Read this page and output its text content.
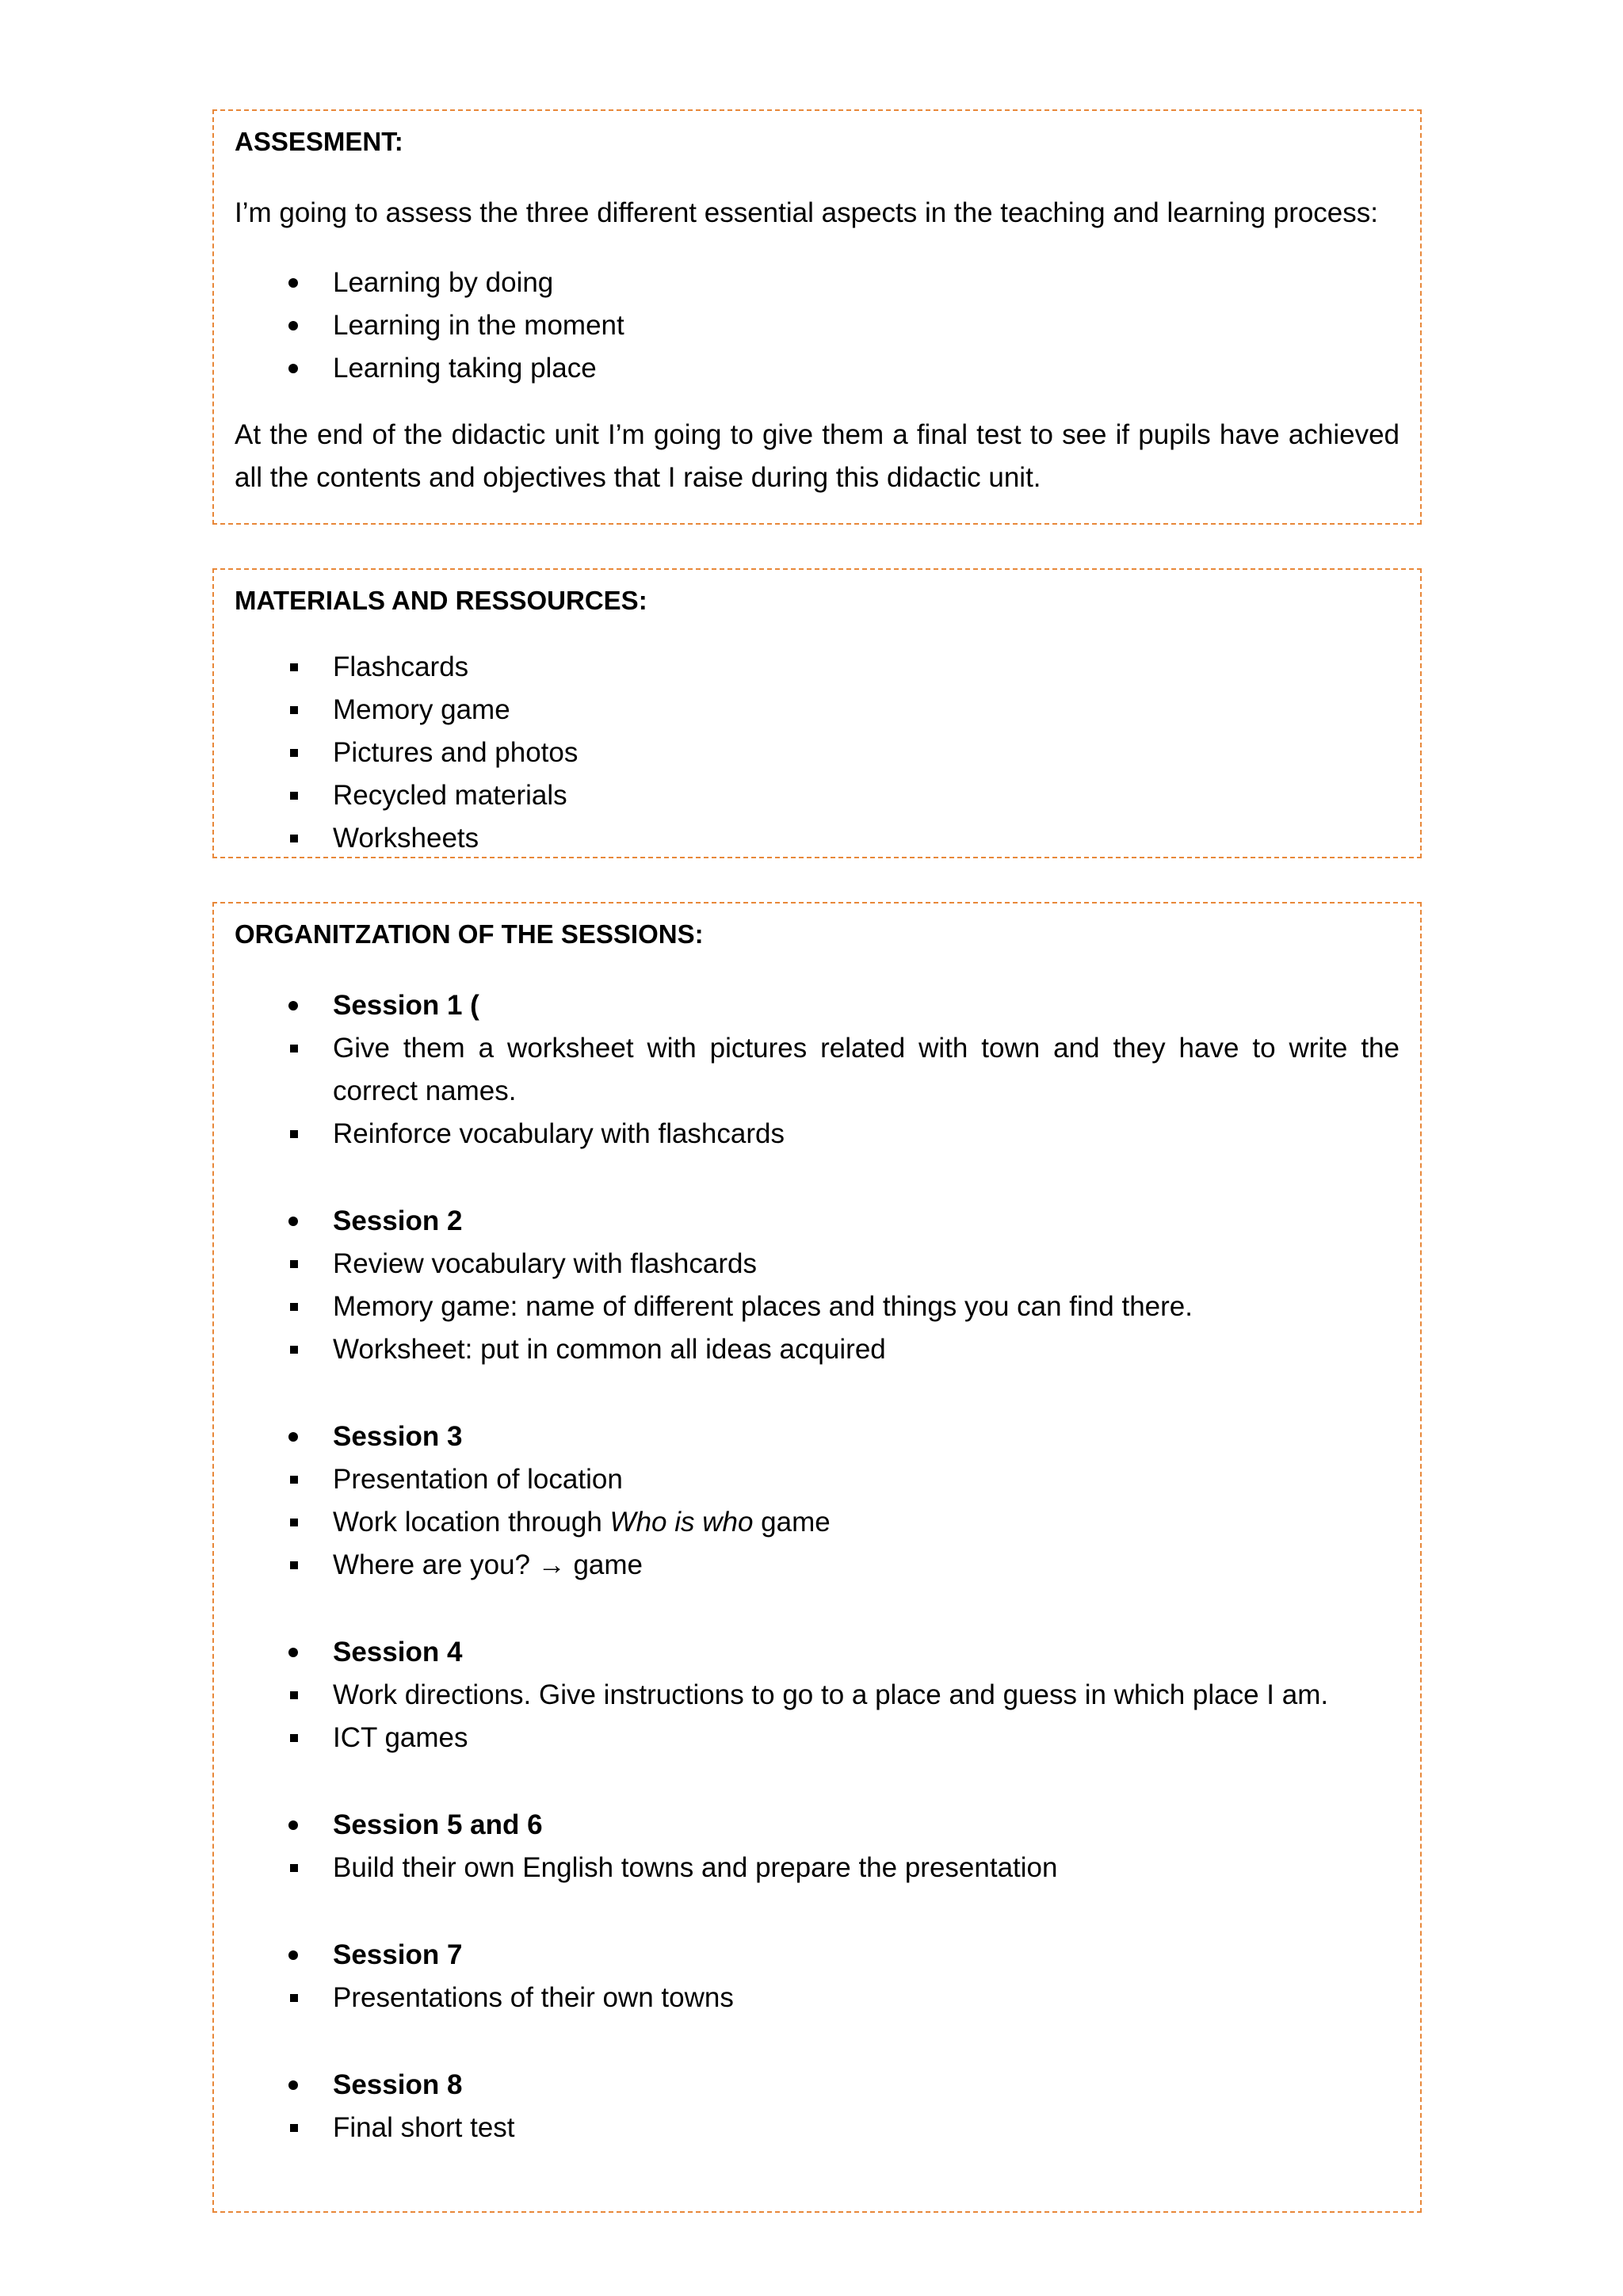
ASSESMENT:

I’m going to assess the three different essential aspects in the teaching and learning process:

Learning by doing
Learning in the moment
Learning taking place

At the end of the didactic unit I’m going to give them a final test to see if pupils have achieved all the contents and objectives that I raise during this didactic unit.

MATERIALS AND RESSOURCES:

Flashcards
Memory game
Pictures and photos
Recycled materials
Worksheets

ORGANITZATION OF THE SESSIONS:

Session 1 (
Give them a worksheet with pictures related with town and they have to write the correct names.
Reinforce vocabulary with flashcards
Session 2
Review vocabulary with flashcards
Memory game: name of different places and things you can find there.
Worksheet: put in common all ideas acquired
Session 3
Presentation of location
Work location through Who is who game
Where are you? → game
Session 4
Work directions. Give instructions to go to a place and guess in which place I am.
ICT games
Session 5 and 6
Build their own English towns and prepare the presentation
Session 7
Presentations of their own towns
Session 8
Final short test
